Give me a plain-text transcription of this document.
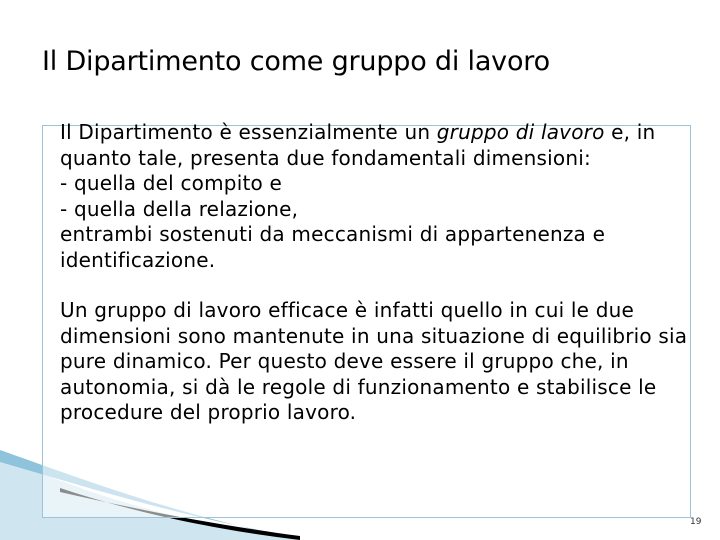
Il Dipartimento come gruppo di lavoro

Il Dipartimento è essenzialmente un gruppo di lavoro e, in quanto tale, presenta due fondamentali dimensioni:

- quella del compito e

- quella della relazione,

entrambi sostenuti da meccanismi di appartenenza e identificazione.

Un gruppo di lavoro efficace è infatti quello in cui le due dimensioni sono mantenute in una situazione di equilibrio sia pure dinamico. Per questo deve essere il gruppo che, in autonomia, si dà le regole di funzionamento e stabilisce le procedure del proprio lavoro.

19
